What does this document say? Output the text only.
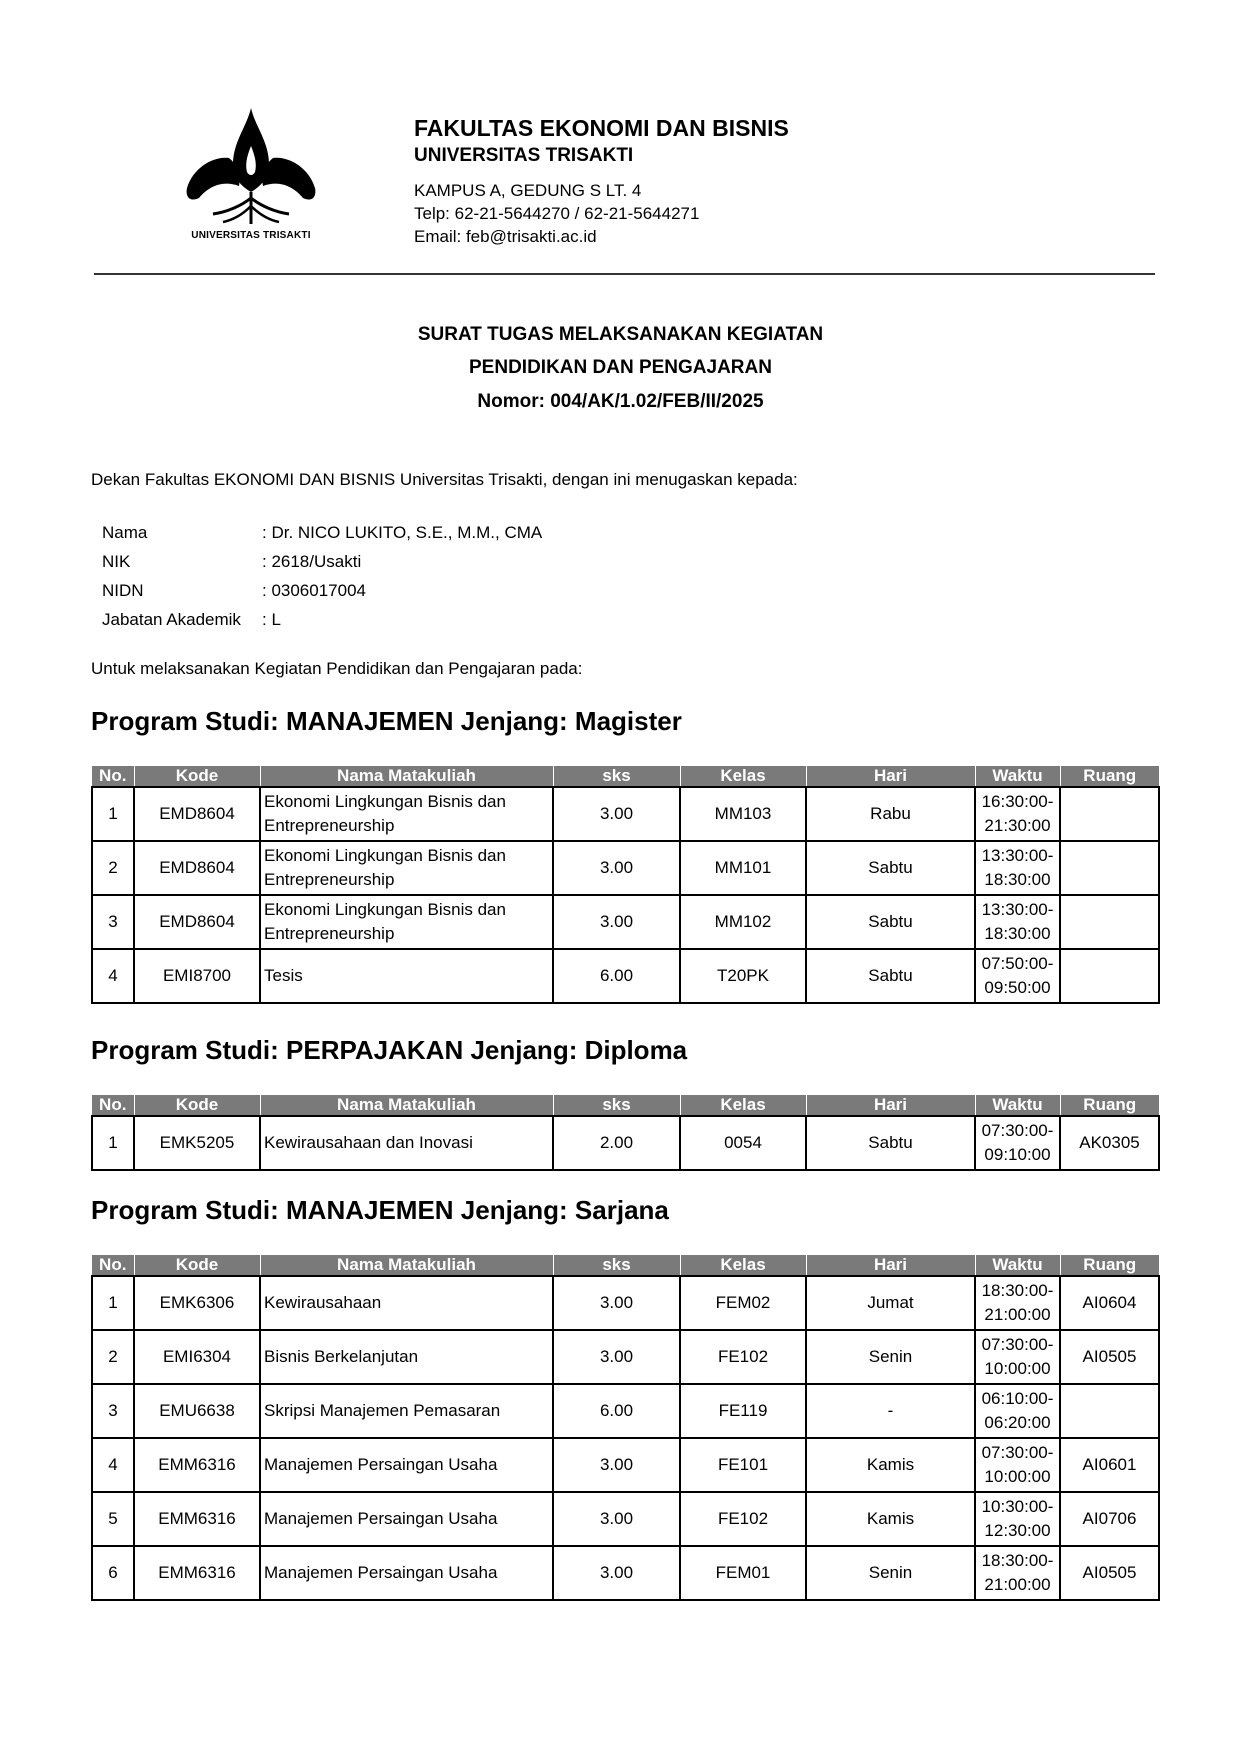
UNIVERSITAS TRISAKTI
FAKULTAS EKONOMI DAN BISNIS
UNIVERSITAS TRISAKTI
KAMPUS A, GEDUNG S LT. 4
Telp: 62-21-5644270 / 62-21-5644271
Email: feb@trisakti.ac.id
SURAT TUGAS MELAKSANAKAN KEGIATAN
PENDIDIKAN DAN PENGAJARAN
Nomor: 004/AK/1.02/FEB/II/2025
Dekan Fakultas EKONOMI DAN BISNIS Universitas Trisakti, dengan ini menugaskan kepada:
Nama	: Dr. NICO LUKITO, S.E., M.M., CMA
NIK	: 2618/Usakti
NIDN	: 0306017004
Jabatan Akademik	: L
Untuk melaksanakan Kegiatan Pendidikan dan Pengajaran pada:
Program Studi: MANAJEMEN Jenjang: Magister
Program Studi: PERPAJAKAN Jenjang: Diploma
Program Studi: MANAJEMEN Jenjang: Sarjana
No.	Kode	Nama Matakuliah	sks	Kelas	Hari	Waktu	Ruang
1	EMD8604	Ekonomi Lingkungan Bisnis dan Entrepreneurship	3.00	MM103	Rabu	16:30:00-21:30:00	
2	EMD8604	Ekonomi Lingkungan Bisnis dan Entrepreneurship	3.00	MM101	Sabtu	13:30:00-18:30:00	
3	EMD8604	Ekonomi Lingkungan Bisnis dan Entrepreneurship	3.00	MM102	Sabtu	13:30:00-18:30:00	
4	EMI8700	Tesis	6.00	T20PK	Sabtu	07:50:00-09:50:00	
No.	Kode	Nama Matakuliah	sks	Kelas	Hari	Waktu	Ruang
1	EMK5205	Kewirausahaan dan Inovasi	2.00	0054	Sabtu	07:30:00-09:10:00	AK0305
No.	Kode	Nama Matakuliah	sks	Kelas	Hari	Waktu	Ruang
1	EMK6306	Kewirausahaan	3.00	FEM02	Jumat	18:30:00-21:00:00	AI0604
2	EMI6304	Bisnis Berkelanjutan	3.00	FE102	Senin	07:30:00-10:00:00	AI0505
3	EMU6638	Skripsi Manajemen Pemasaran	6.00	FE119	-	06:10:00-06:20:00	
4	EMM6316	Manajemen Persaingan Usaha	3.00	FE101	Kamis	07:30:00-10:00:00	AI0601
5	EMM6316	Manajemen Persaingan Usaha	3.00	FE102	Kamis	10:30:00-12:30:00	AI0706
6	EMM6316	Manajemen Persaingan Usaha	3.00	FEM01	Senin	18:30:00-21:00:00	AI0505
